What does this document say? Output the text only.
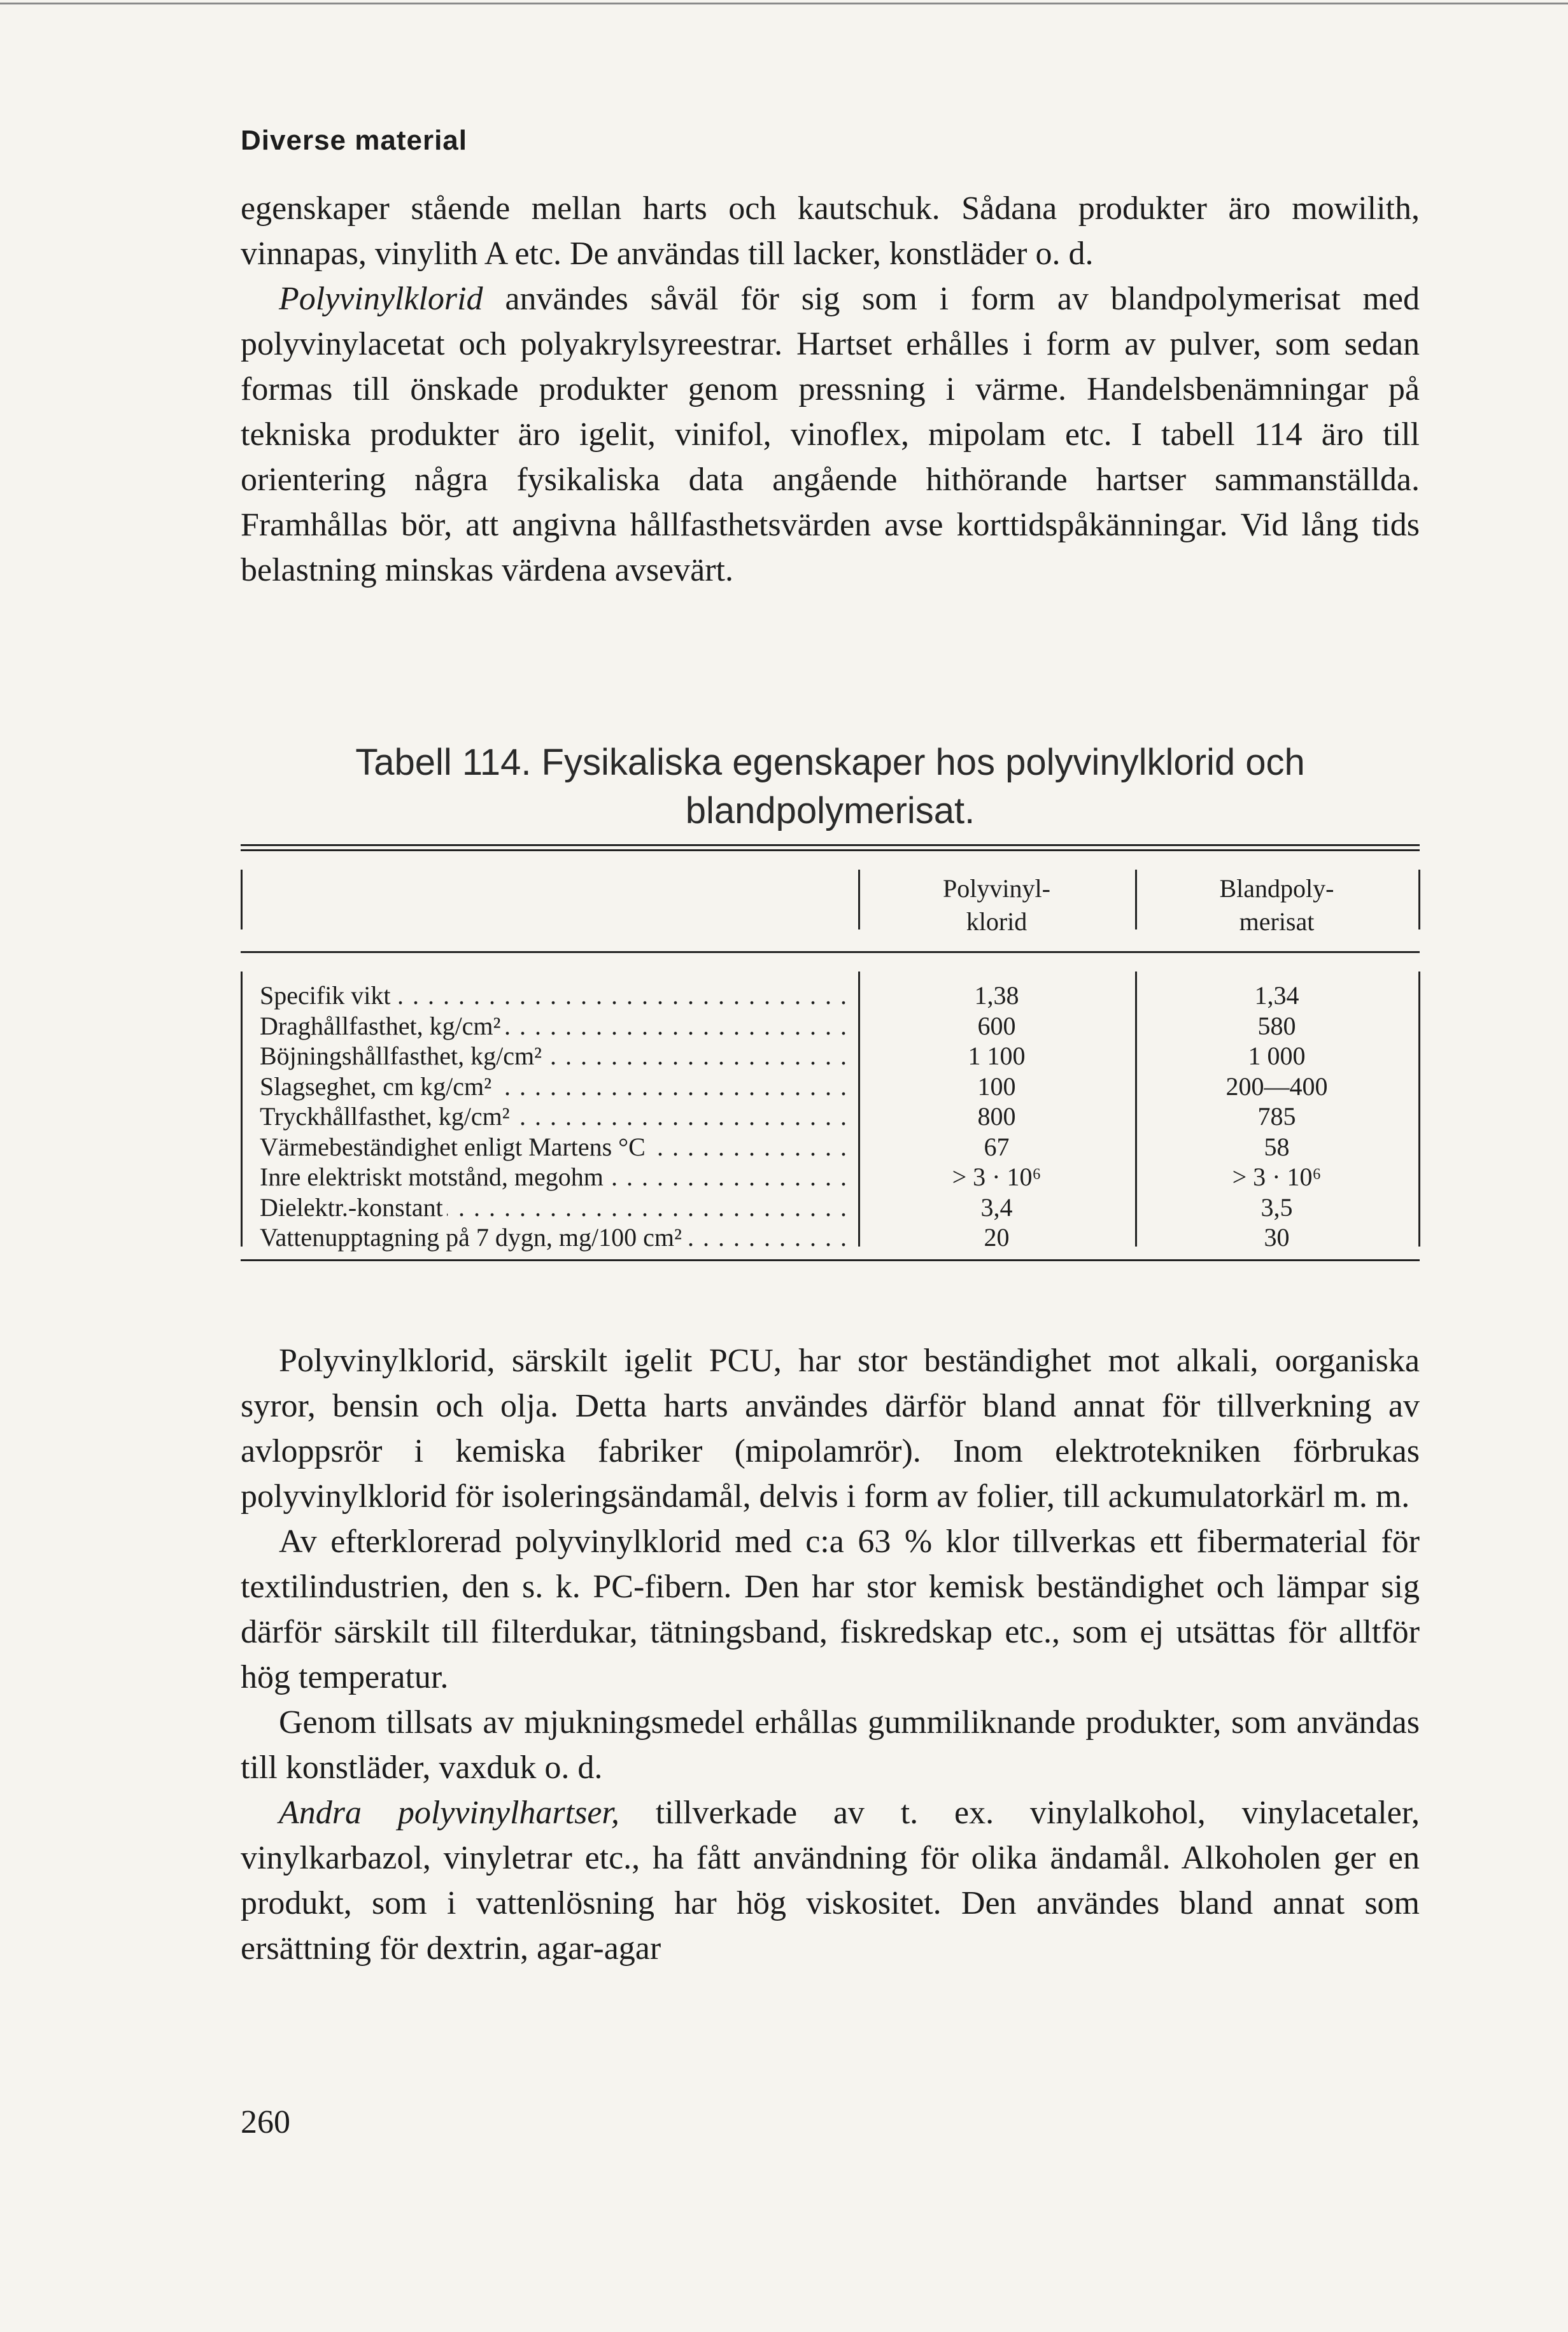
Diverse material

egenskaper stående mellan harts och kautschuk. Sådana produkter äro mowilith, vinnapas, vinylith A etc. De användas till lacker, konstläder o. d.

Polyvinylklorid användes såväl för sig som i form av blandpolymerisat med polyvinylacetat och polyakrylsyreestrar. Hartset erhålles i form av pulver, som sedan formas till önskade produkter genom pressning i värme. Handelsbenämningar på tekniska produkter äro igelit, vinifol, vinoflex, mipolam etc. I tabell 114 äro till orientering några fysikaliska data angående hithörande hartser sammanställda. Framhållas bör, att angivna hållfasthetsvärden avse korttidspåkänningar. Vid lång tids belastning minskas värdena avsevärt.

Tabell 114. Fysikaliska egenskaper hos polyvinylklorid och
blandpolymerisat.
Polyvinyl-
klorid
Blandpoly-
merisat
Specifik vikt . . .	1,38	1,34
Draghållfasthet, kg/cm² . . .	600	580
Böjningshållfasthet, kg/cm² . . .	1 100	1 000
Slagseghet, cm kg/cm² . . .	100	200—400
Tryckhållfasthet, kg/cm² . . .	800	785
Värmebeständighet enligt Martens °C . . .	67	58
Inre elektriskt motstånd, megohm . . .	> 3 · 10⁶	> 3 · 10⁶
Dielektr.-konstant . . .	3,4	3,5
Vattenupptagning på 7 dygn, mg/100 cm² . . .	20	30

Polyvinylklorid, särskilt igelit PCU, har stor beständighet mot alkali, oorganiska syror, bensin och olja. Detta harts användes därför bland annat för tillverkning av avloppsrör i kemiska fabriker (mipolamrör). Inom elektrotekniken förbrukas polyvinylklorid för isoleringsändamål, delvis i form av folier, till ackumulatorkärl m. m.

Av efterklorerad polyvinylklorid med c:a 63 % klor tillverkas ett fibermaterial för textilindustrien, den s. k. PC-fibern. Den har stor kemisk beständighet och lämpar sig därför särskilt till filterdukar, tätningsband, fiskredskap etc., som ej utsättas för alltför hög temperatur.

Genom tillsats av mjukningsmedel erhållas gummiliknande produkter, som användas till konstläder, vaxduk o. d.

Andra polyvinylhartser, tillverkade av t. ex. vinylalkohol, vinylacetaler, vinylkarbazol, vinyletrar etc., ha fått användning för olika ändamål. Alkoholen ger en produkt, som i vattenlösning har hög viskositet. Den användes bland annat som ersättning för dextrin, agar-agar

260
